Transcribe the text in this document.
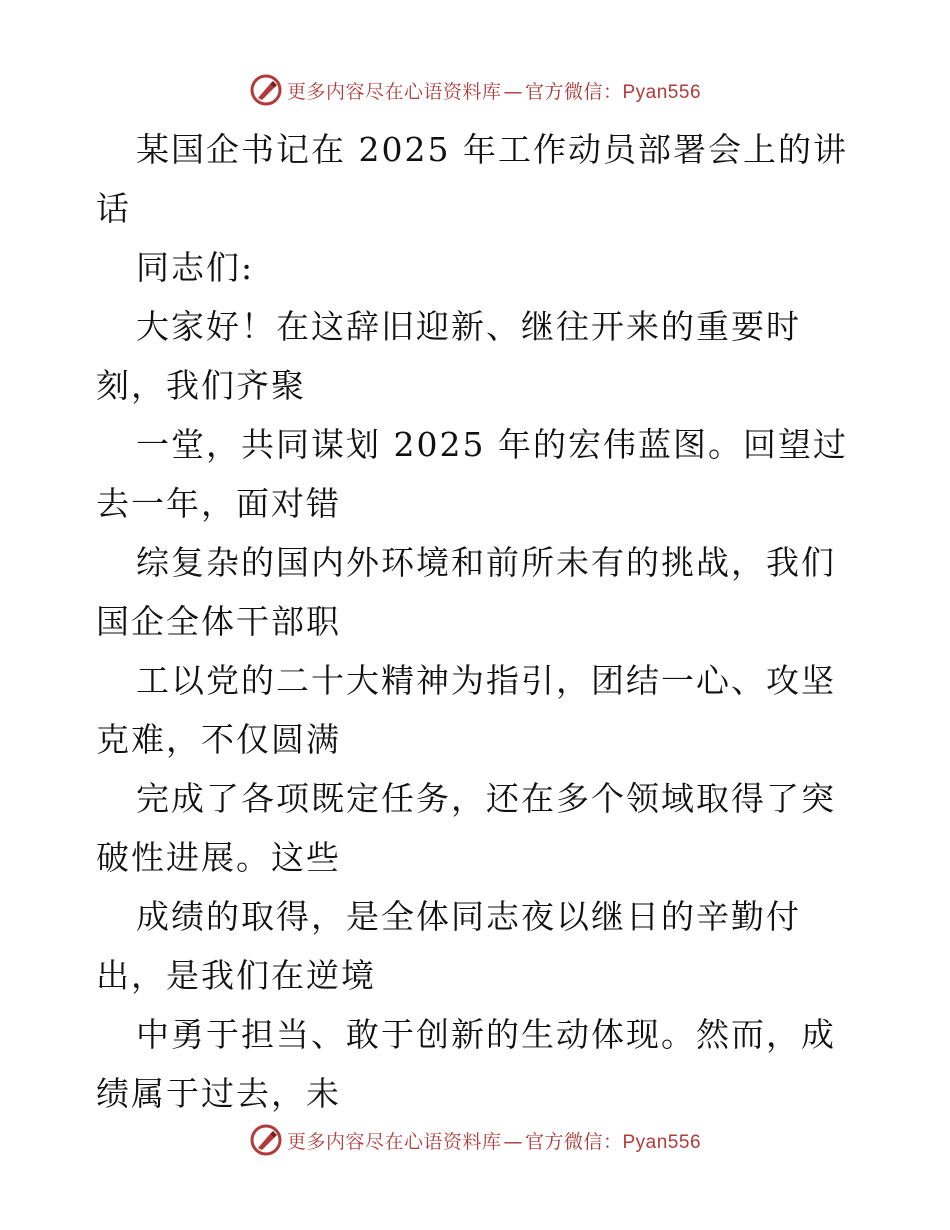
更多内容尽在心语资料库 — 官方微信：Pyan556

某国企书记在 2025 年工作动员部署会上的讲话

同志们:

大家好！在这辞旧迎新、继往开来的重要时刻，我们齐聚

一堂，共同谋划 2025 年的宏伟蓝图。回望过去一年，面对错

综复杂的国内外环境和前所未有的挑战，我们国企全体干部职

工以党的二十大精神为指引，团结一心、攻坚克难，不仅圆满

完成了各项既定任务，还在多个领域取得了突破性进展。这些

成绩的取得，是全体同志夜以继日的辛勤付出，是我们在逆境

中勇于担当、敢于创新的生动体现。然而，成绩属于过去，未

更多内容尽在心语资料库 — 官方微信：Pyan556
